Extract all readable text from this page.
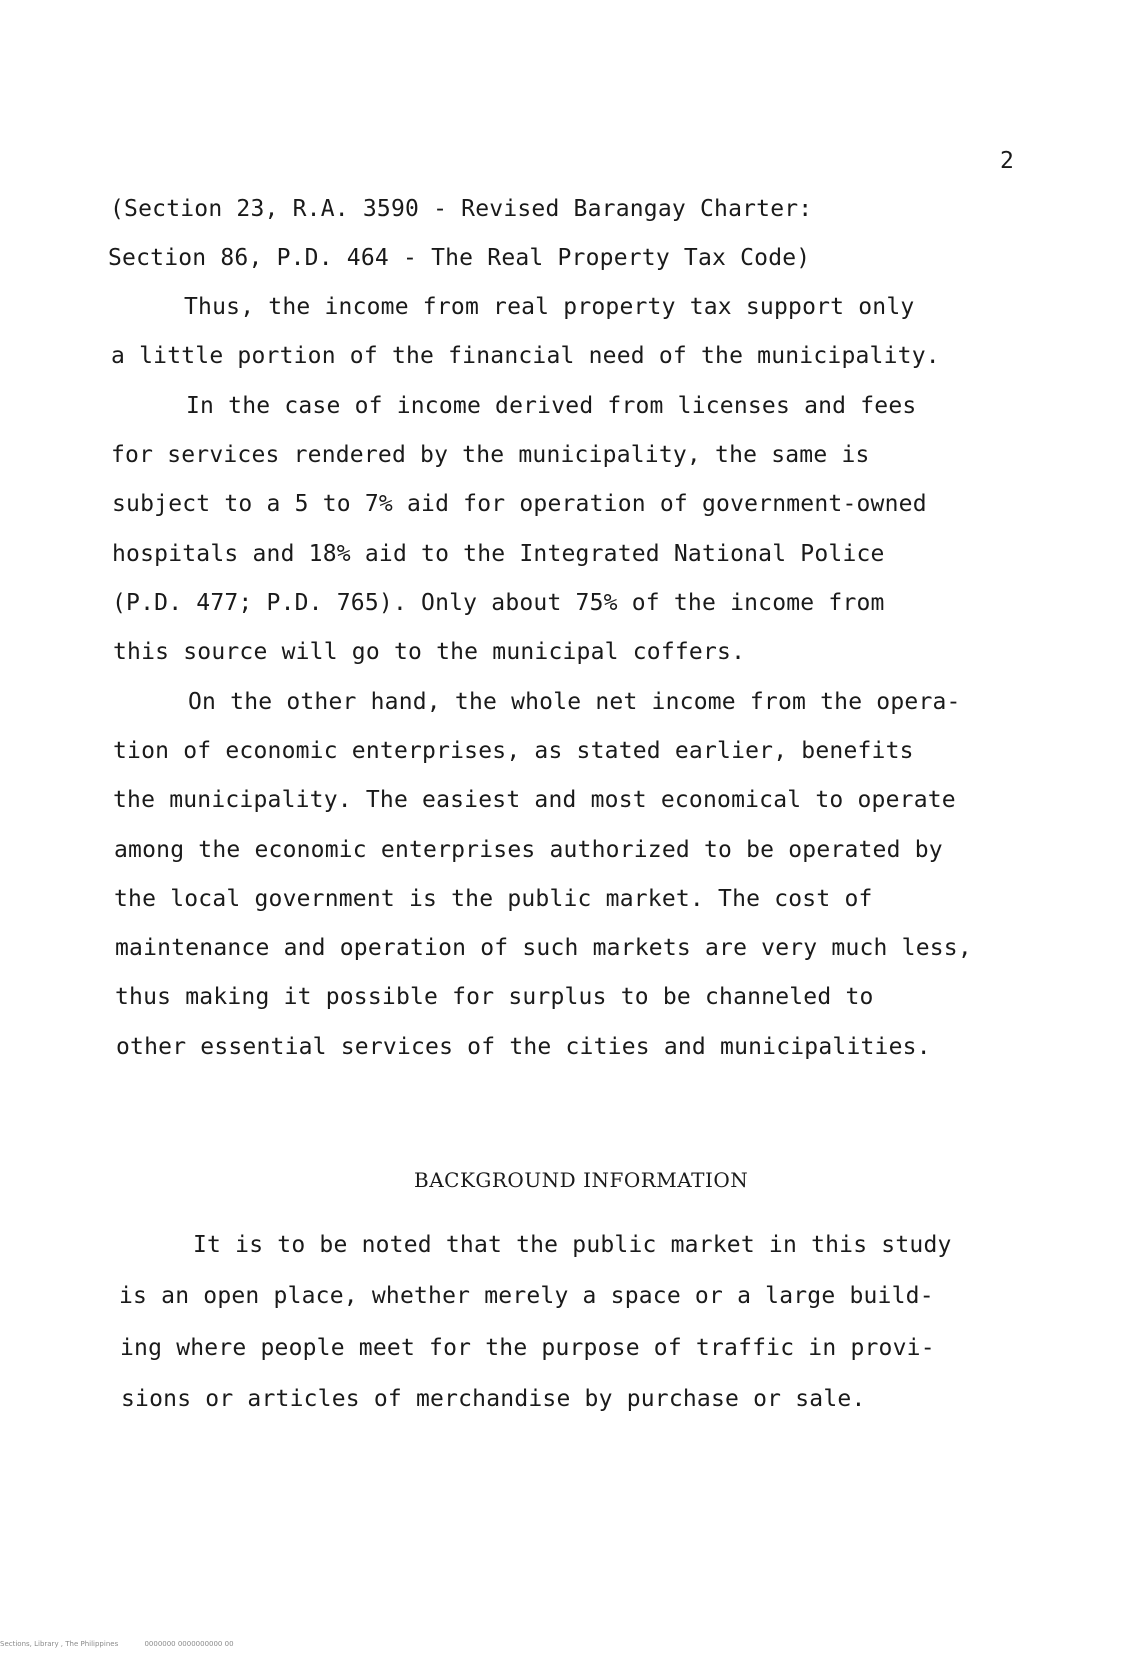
2
(Section 23, R.A. 3590 - Revised Barangay Charter:
Section 86, P.D. 464 - The Real Property Tax Code)
Thus, the income from real property tax support only
a little portion of the financial need of the municipality.
In the case of income derived from licenses and fees
for services rendered by the municipality, the same is
subject to a 5 to 7% aid for operation of government-owned
hospitals and 18% aid to the Integrated National Police
(P.D. 477; P.D. 765). Only about 75% of the income from
this source will go to the municipal coffers.
On the other hand, the whole net income from the opera-
tion of economic enterprises, as stated earlier, benefits
the municipality. The easiest and most economical to operate
among the economic enterprises authorized to be operated by
the local government is the public market. The cost of
maintenance and operation of such markets are very much less,
thus making it possible for surplus to be channeled to
other essential services of the cities and municipalities.
BACKGROUND INFORMATION
It is to be noted that the public market in this study
is an open place, whether merely a space or a large build-
ing where people meet for the purpose of traffic in provi-
sions or articles of merchandise by purchase or sale.
Sections, Library , The Philippines	0000000 0000000000 00
